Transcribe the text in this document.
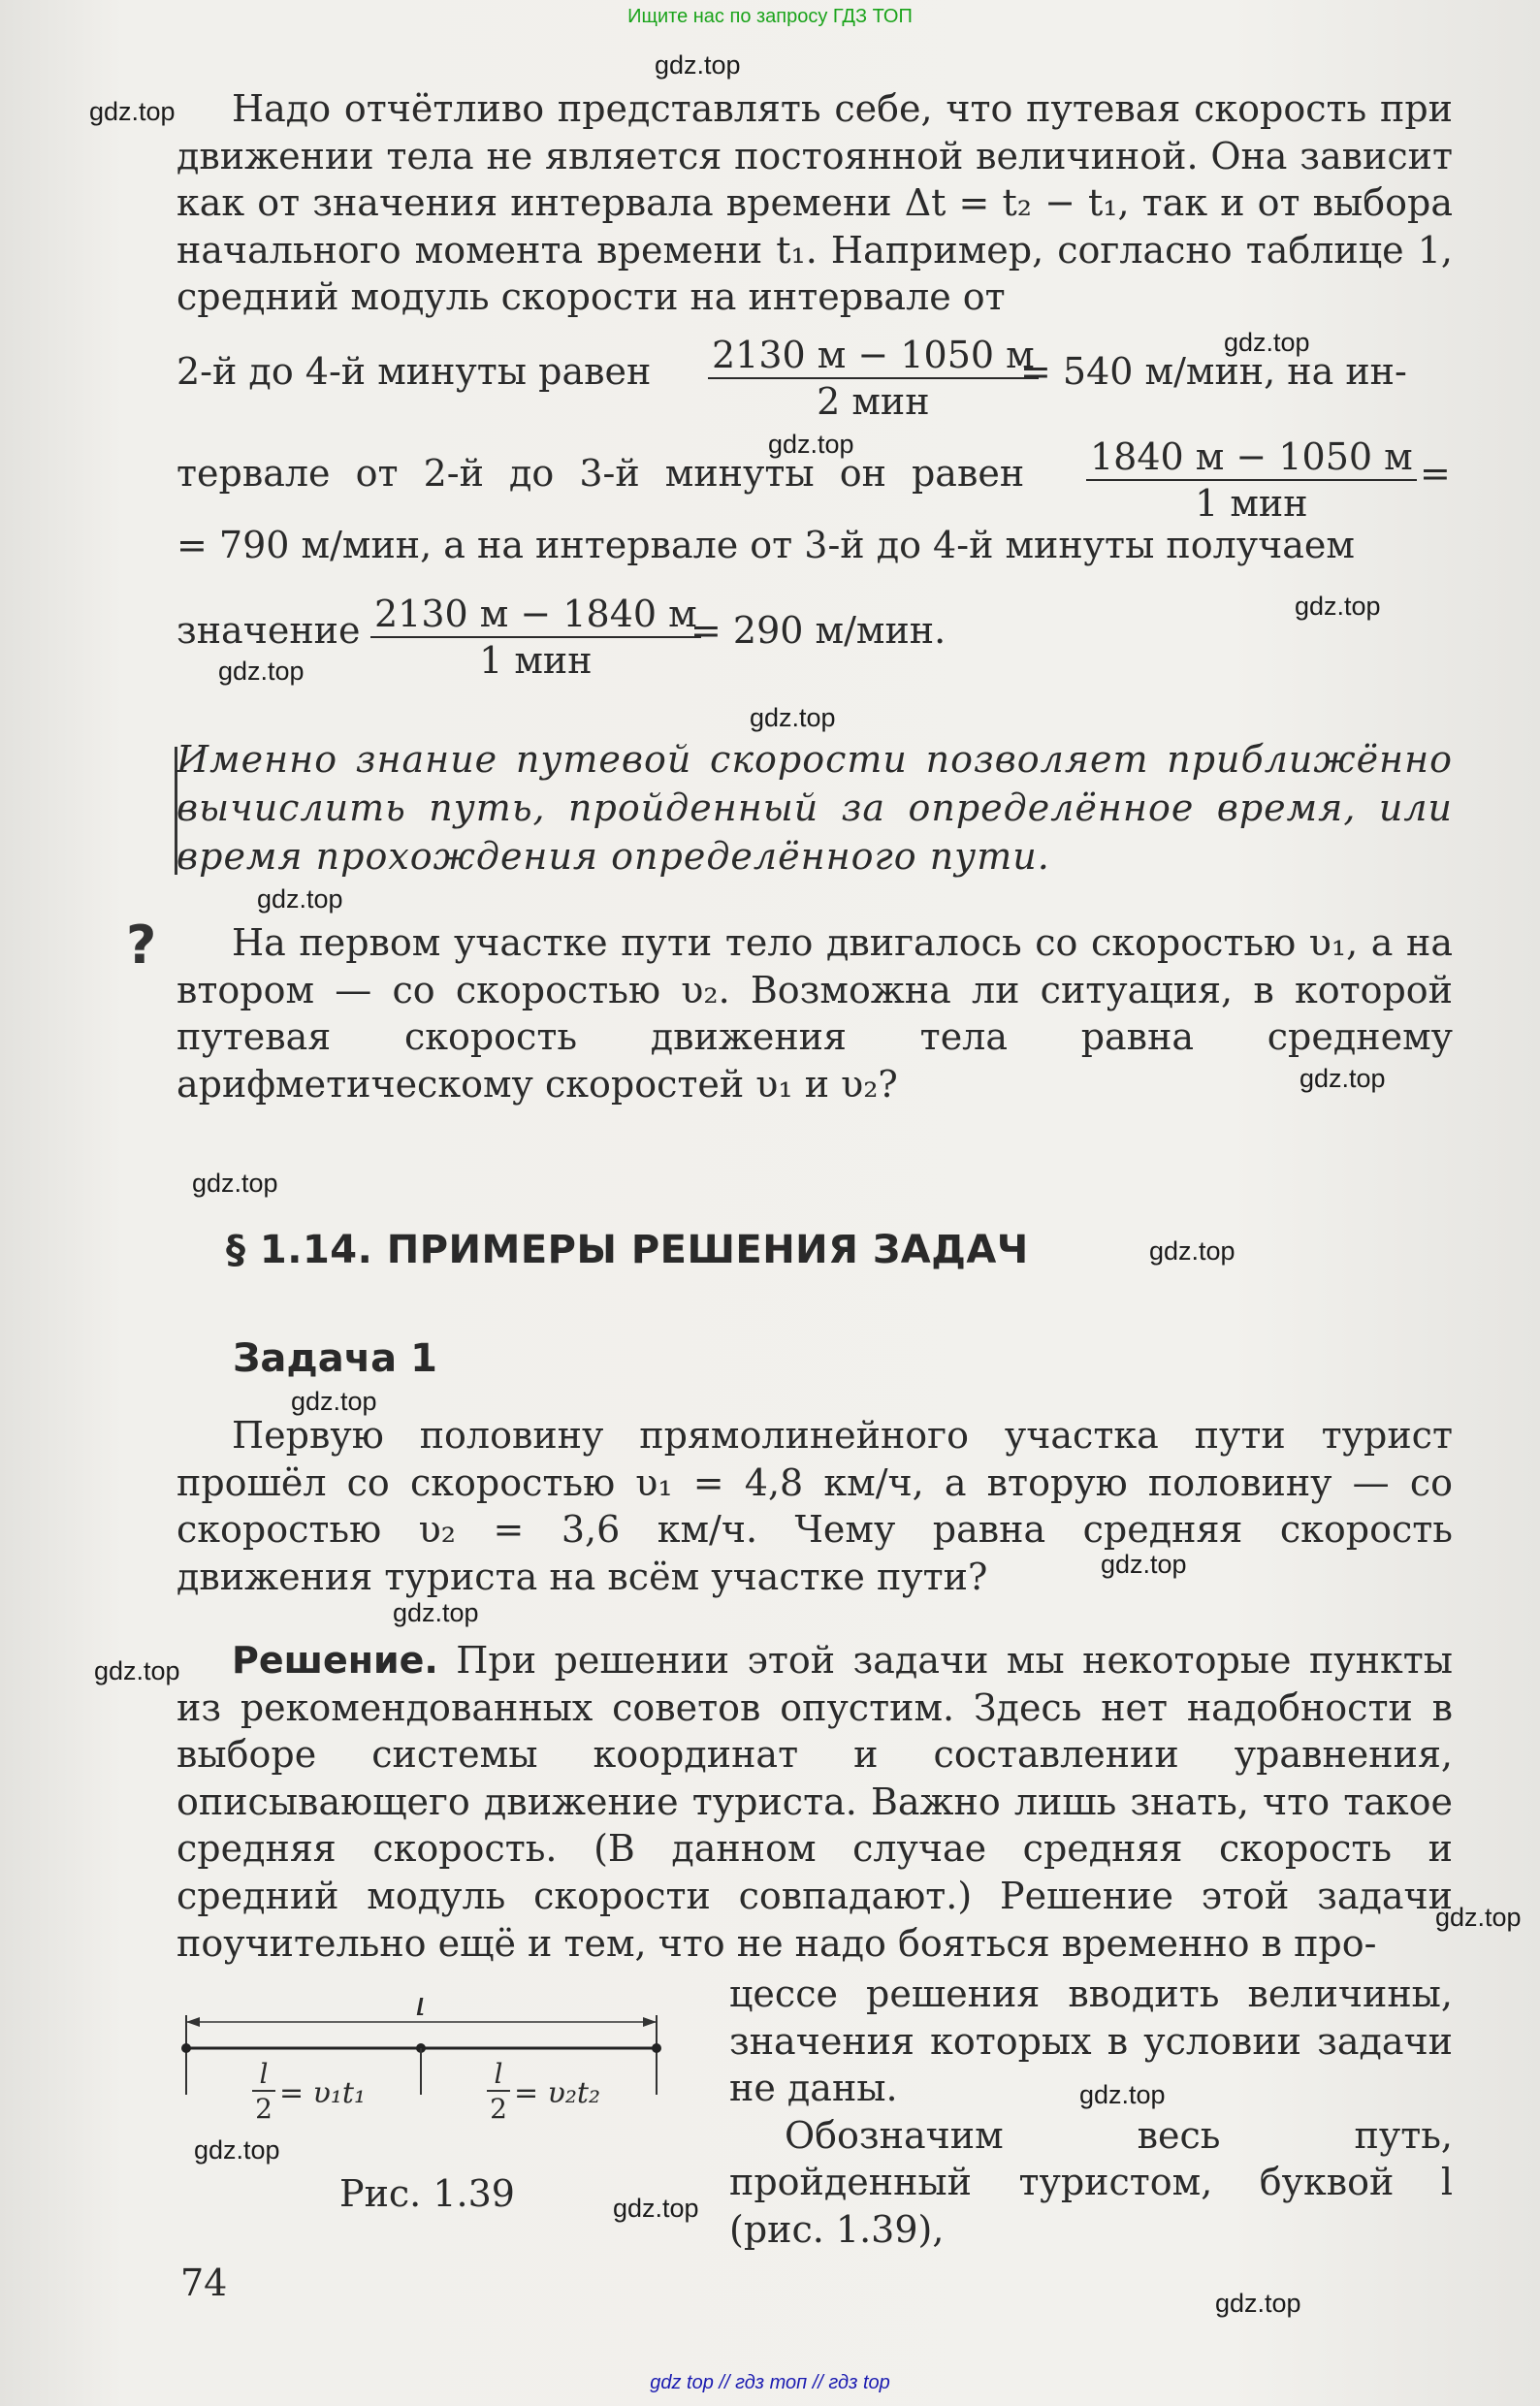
Ищите нас по запросу ГДЗ ТОП

Надо отчётливо представлять себе, что путевая скорость при движении тела не является постоянной величиной. Она зависит как от значения интервала времени Δt = t₂ − t₁, так и от выбора начального момента времени t₁. Например, согласно таблице 1, средний модуль скорости на интервале от

2-й до 4-й минуты равен 2130 м − 1050 м
2 мин
= 540 м/мин, на ин-
тервале от 2-й до 3-й минуты он равен 1840 м − 1050 м
1 мин
=
= 790 м/мин, а на интервале от 3-й до 4-й минуты получаем
значение 2130 м − 1840 м
1 мин
= 290 м/мин.
Именно знание путевой скорости позволяет приближённо вычислить путь, пройденный за определённое время, или время прохождения определённого пути.
?	На первом участке пути тело двигалось со скоростью υ₁, а на втором — со скоростью υ₂. Возможна ли ситуация, в которой путевая скорость движения тела равна среднему арифметическому скоростей υ₁ и υ₂?

§ 1.14. ПРИМЕРЫ РЕШЕНИЯ ЗАДАЧ
Задача 1

Первую половину прямолинейного участка пути турист прошёл со скоростью υ₁ = 4,8 км/ч, а вторую половину — со скоростью υ₂ = 3,6 км/ч. Чему равна средняя скорость движения туриста на всём участке пути?

Решение. При решении этой задачи мы некоторые пункты из рекомендованных советов опустим. Здесь нет надобности в выборе системы координат и составлении уравнения, описывающего движение туриста. Важно лишь знать, что такое средняя скорость. (В данном случае средняя скорость и средний модуль скорости совпадают.) Решение этой задачи поучительно ещё и тем, что не надо бояться временно в про-

цессе решения вводить величины, значения которых в условии задачи не даны.

Обозначим весь путь, пройденный туристом, буквой l (рис. 1.39),

l
l
2 = υ₁t₁
l
2 = υ₂t₂
Рис. 1.39
74
gdz.top
gdz.top
gdz.top
gdz.top
gdz.top
gdz.top
gdz.top
gdz.top
gdz.top
gdz.top
gdz.top
gdz.top
gdz.top
gdz.top
gdz.top
gdz.top
gdz.top
gdz.top
gdz.top
gdz.top
gdz top // гдз топ // гдз top
